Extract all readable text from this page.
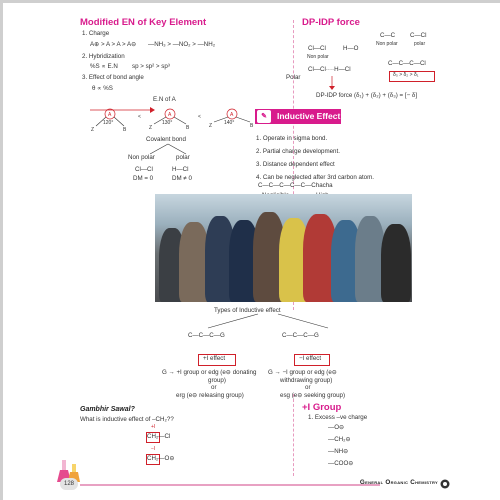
Modified EN of Key Element
1. Charge
A⊕ > A > A > A⊖ —NH₃ > —NO₂ > —NH₂
2. Hybridization
%S ∝ E.N sp > sp² > sp³
3. Effect of bond angle
θ ∝ %S
E.N of A
A	A	A
Z	B	Z	B	Z	B
<	<
120°	130°	140°
Covalent bond
Non polar	polar
Cl—Cl	H—Cl
DM = 0	DM ≠ 0
DP-IDP force
Cl—Cl
Non polar
H—O
Cl—Cl····H—Cl
Polar
DP-IDP force
C—C C—Cl
Non polar	polar
C—C—C—Cl
δ₃ > δ₂ > δ₁
(δ₁) + (δ₂) + (δ₃) = [− δ]
✎	Inductive Effect
1. Operate in sigma bond.
2. Partial charge development.
3. Distance dependent effect
4. Can be neglected after 3rd carbon atom.
C—C—C—C—C—Chacha
Types of Inductive effect
C—C—C—G	C—C—C—G
+I effect	−I effect
G → +I group or edg (e⊖ donating
group)
or
erg (e⊖ releasing group)
G → −I group or edg (e⊖
withdrawing group)
or
esg (e⊖ seeking group)
Gambhir Sawal?
What is inductive effect of –CH₂??
+I
CH₂—Cl
−I
CH₂—O⊖
+I Group
1. Excess –ve charge
—O⊖
—CH₂⊖
—NH⊖
—COO⊖
128	General Organic Chemistry
